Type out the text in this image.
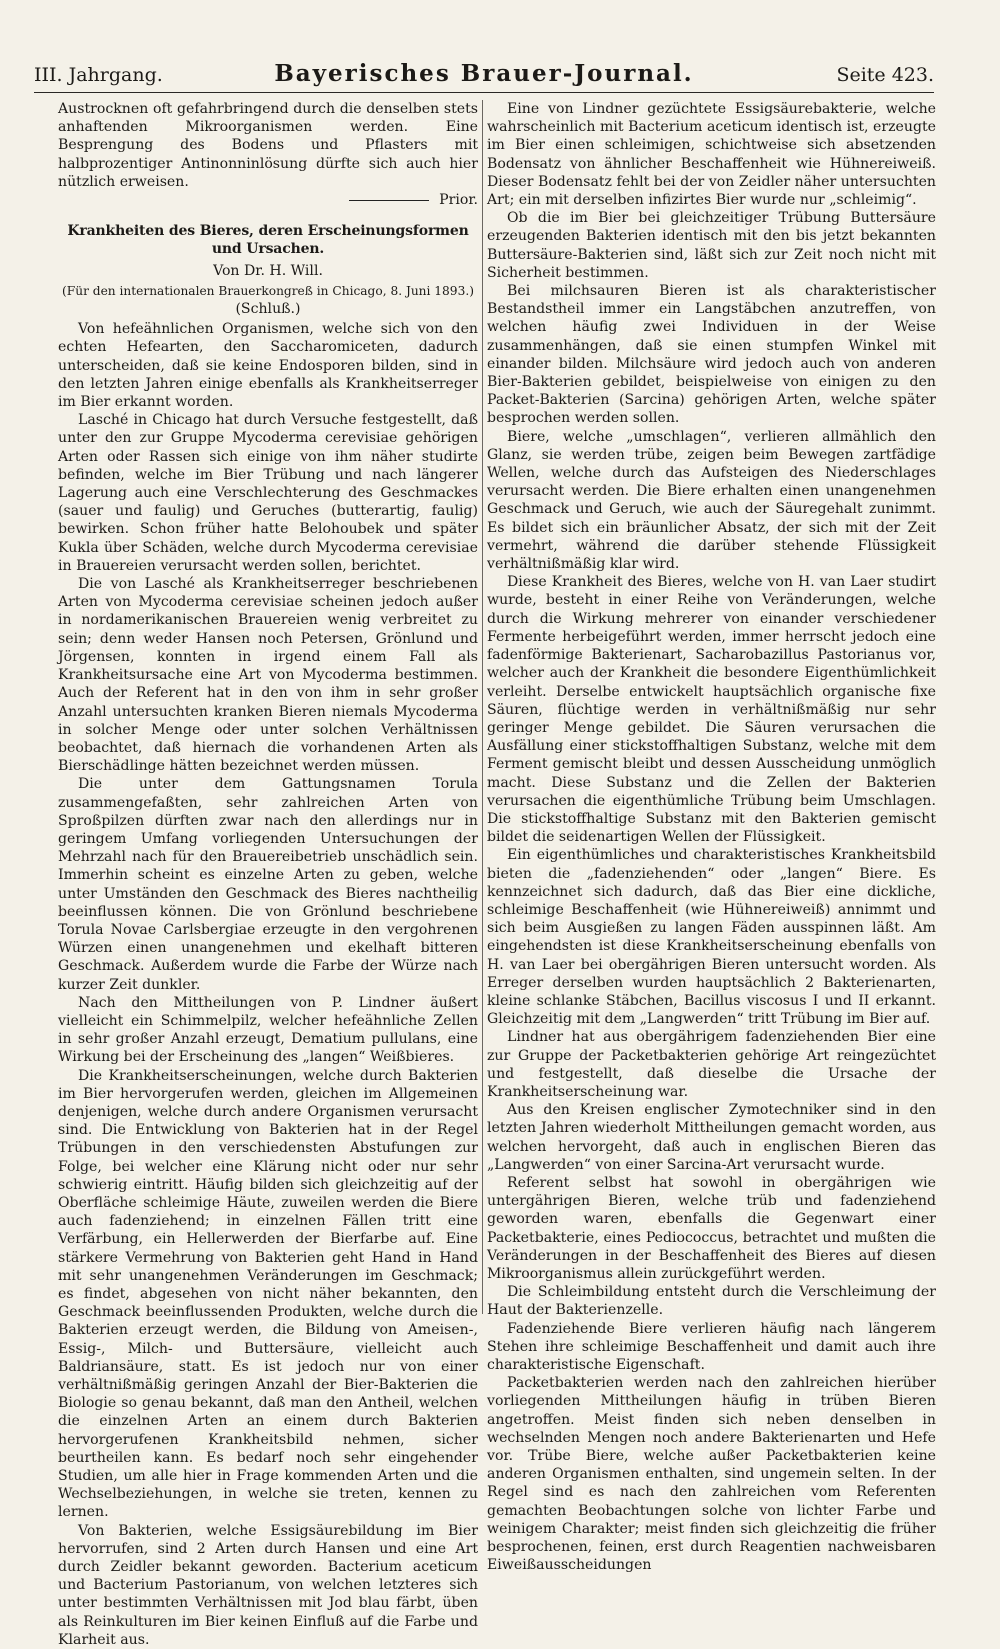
III. Jahrgang.	Bayerisches Brauer-Journal.	Seite 423.

Austrocknen oft gefahrbringend durch die denselben stets anhaftenden Mikroorganismen werden. Eine Besprengung des Bodens und Pflasters mit halbprozentiger Antinonninlösung dürfte sich auch hier nützlich erweisen.

Prior.

Krankheiten des Bieres, deren Erscheinungsformen und Ursachen.

Von Dr. H. Will.

(Für den internationalen Brauerkongreß in Chicago, 8. Juni 1893.)

(Schluß.)

Von hefeähnlichen Organismen, welche sich von den echten Hefearten, den Saccharomiceten, dadurch unterscheiden, daß sie keine Endosporen bilden, sind in den letzten Jahren einige ebenfalls als Krankheitserreger im Bier erkannt worden.

Lasché in Chicago hat durch Versuche festgestellt, daß unter den zur Gruppe Mycoderma cerevisiae gehörigen Arten oder Rassen sich einige von ihm näher studirte befinden, welche im Bier Trübung und nach längerer Lagerung auch eine Verschlechterung des Geschmackes (sauer und faulig) und Geruches (butterartig, faulig) bewirken. Schon früher hatte Belohoubek und später Kukla über Schäden, welche durch Mycoderma cerevisiae in Brauereien verursacht werden sollen, berichtet.

Die von Lasché als Krankheitserreger beschriebenen Arten von Mycoderma cerevisiae scheinen jedoch außer in nordamerikanischen Brauereien wenig verbreitet zu sein; denn weder Hansen noch Petersen, Grönlund und Jörgensen, konnten in irgend einem Fall als Krankheitsursache eine Art von Mycoderma bestimmen. Auch der Referent hat in den von ihm in sehr großer Anzahl untersuchten kranken Bieren niemals Mycoderma in solcher Menge oder unter solchen Verhältnissen beobachtet, daß hiernach die vorhandenen Arten als Bierschädlinge hätten bezeichnet werden müssen.

Die unter dem Gattungsnamen Torula zusammengefaßten, sehr zahlreichen Arten von Sproßpilzen dürften zwar nach den allerdings nur in geringem Umfang vorliegenden Untersuchungen der Mehrzahl nach für den Brauereibetrieb unschädlich sein. Immerhin scheint es einzelne Arten zu geben, welche unter Umständen den Geschmack des Bieres nachtheilig beeinflussen können. Die von Grönlund beschriebene Torula Novae Carlsbergiae erzeugte in den vergohrenen Würzen einen unangenehmen und ekelhaft bitteren Geschmack. Außerdem wurde die Farbe der Würze nach kurzer Zeit dunkler.

Nach den Mittheilungen von P. Lindner äußert vielleicht ein Schimmelpilz, welcher hefeähnliche Zellen in sehr großer Anzahl erzeugt, Dematium pullulans, eine Wirkung bei der Erscheinung des „langen“ Weißbieres.

Die Krankheitserscheinungen, welche durch Bakterien im Bier hervorgerufen werden, gleichen im Allgemeinen denjenigen, welche durch andere Organismen verursacht sind. Die Entwicklung von Bakterien hat in der Regel Trübungen in den verschiedensten Abstufungen zur Folge, bei welcher eine Klärung nicht oder nur sehr schwierig eintritt. Häufig bilden sich gleichzeitig auf der Oberfläche schleimige Häute, zuweilen werden die Biere auch fadenziehend; in einzelnen Fällen tritt eine Verfärbung, ein Hellerwerden der Bierfarbe auf. Eine stärkere Vermehrung von Bakterien geht Hand in Hand mit sehr unangenehmen Veränderungen im Geschmack; es findet, abgesehen von nicht näher bekannten, den Geschmack beeinflussenden Produkten, welche durch die Bakterien erzeugt werden, die Bildung von Ameisen-, Essig-, Milch- und Buttersäure, vielleicht auch Baldriansäure, statt. Es ist jedoch nur von einer verhältnißmäßig geringen Anzahl der Bier-Bakterien die Biologie so genau bekannt, daß man den Antheil, welchen die einzelnen Arten an einem durch Bakterien hervorgerufenen Krankheitsbild nehmen, sicher beurtheilen kann. Es bedarf noch sehr eingehender Studien, um alle hier in Frage kommenden Arten und die Wechselbeziehungen, in welche sie treten, kennen zu lernen.

Von Bakterien, welche Essigsäurebildung im Bier hervorrufen, sind 2 Arten durch Hansen und eine Art durch Zeidler bekannt geworden. Bacterium aceticum und Bacterium Pastorianum, von welchen letzteres sich unter bestimmten Verhältnissen mit Jod blau färbt, üben als Reinkulturen im Bier keinen Einfluß auf die Farbe und Klarheit aus.

Eine von Lindner gezüchtete Essigsäurebakterie, welche wahrscheinlich mit Bacterium aceticum identisch ist, erzeugte im Bier einen schleimigen, schichtweise sich absetzenden Bodensatz von ähnlicher Beschaffenheit wie Hühnereiweiß. Dieser Bodensatz fehlt bei der von Zeidler näher untersuchten Art; ein mit derselben infizirtes Bier wurde nur „schleimig“.

Ob die im Bier bei gleichzeitiger Trübung Buttersäure erzeugenden Bakterien identisch mit den bis jetzt bekannten Buttersäure-Bakterien sind, läßt sich zur Zeit noch nicht mit Sicherheit bestimmen.

Bei milchsauren Bieren ist als charakteristischer Bestandstheil immer ein Langstäbchen anzutreffen, von welchen häufig zwei Individuen in der Weise zusammenhängen, daß sie einen stumpfen Winkel mit einander bilden. Milchsäure wird jedoch auch von anderen Bier-Bakterien gebildet, beispielweise von einigen zu den Packet-Bakterien (Sarcina) gehörigen Arten, welche später besprochen werden sollen.

Biere, welche „umschlagen“, verlieren allmählich den Glanz, sie werden trübe, zeigen beim Bewegen zartfädige Wellen, welche durch das Aufsteigen des Niederschlages verursacht werden. Die Biere erhalten einen unangenehmen Geschmack und Geruch, wie auch der Säuregehalt zunimmt. Es bildet sich ein bräunlicher Absatz, der sich mit der Zeit vermehrt, während die darüber stehende Flüssigkeit verhältnißmäßig klar wird.

Diese Krankheit des Bieres, welche von H. van Laer studirt wurde, besteht in einer Reihe von Veränderungen, welche durch die Wirkung mehrerer von einander verschiedener Fermente herbeigeführt werden, immer herrscht jedoch eine fadenförmige Bakterienart, Sacharobazillus Pastorianus vor, welcher auch der Krankheit die besondere Eigenthümlichkeit verleiht. Derselbe entwickelt hauptsächlich organische fixe Säuren, flüchtige werden in verhältnißmäßig nur sehr geringer Menge gebildet. Die Säuren verursachen die Ausfällung einer stickstoffhaltigen Substanz, welche mit dem Ferment gemischt bleibt und dessen Ausscheidung unmöglich macht. Diese Substanz und die Zellen der Bakterien verursachen die eigenthümliche Trübung beim Umschlagen. Die stickstoffhaltige Substanz mit den Bakterien gemischt bildet die seidenartigen Wellen der Flüssigkeit.

Ein eigenthümliches und charakteristisches Krankheitsbild bieten die „fadenziehenden“ oder „langen“ Biere. Es kennzeichnet sich dadurch, daß das Bier eine dickliche, schleimige Beschaffenheit (wie Hühnereiweiß) annimmt und sich beim Ausgießen zu langen Fäden ausspinnen läßt. Am eingehendsten ist diese Krankheitserscheinung ebenfalls von H. van Laer bei obergährigen Bieren untersucht worden. Als Erreger derselben wurden hauptsächlich 2 Bakterienarten, kleine schlanke Stäbchen, Bacillus viscosus I und II erkannt. Gleichzeitig mit dem „Langwerden“ tritt Trübung im Bier auf.

Lindner hat aus obergährigem fadenziehenden Bier eine zur Gruppe der Packetbakterien gehörige Art reingezüchtet und festgestellt, daß dieselbe die Ursache der Krankheitserscheinung war.

Aus den Kreisen englischer Zymotechniker sind in den letzten Jahren wiederholt Mittheilungen gemacht worden, aus welchen hervorgeht, daß auch in englischen Bieren das „Langwerden“ von einer Sarcina-Art verursacht wurde.

Referent selbst hat sowohl in obergährigen wie untergährigen Bieren, welche trüb und fadenziehend geworden waren, ebenfalls die Gegenwart einer Packetbakterie, eines Pediococcus, betrachtet und mußten die Veränderungen in der Beschaffenheit des Bieres auf diesen Mikroorganismus allein zurückgeführt werden.

Die Schleimbildung entsteht durch die Verschleimung der Haut der Bakterienzelle.

Fadenziehende Biere verlieren häufig nach längerem Stehen ihre schleimige Beschaffenheit und damit auch ihre charakteristische Eigenschaft.

Packetbakterien werden nach den zahlreichen hierüber vorliegenden Mittheilungen häufig in trüben Bieren angetroffen. Meist finden sich neben denselben in wechselnden Mengen noch andere Bakterienarten und Hefe vor. Trübe Biere, welche außer Packetbakterien keine anderen Organismen enthalten, sind ungemein selten. In der Regel sind es nach den zahlreichen vom Referenten gemachten Beobachtungen solche von lichter Farbe und weinigem Charakter; meist finden sich gleichzeitig die früher besprochenen, feinen, erst durch Reagentien nachweisbaren Eiweißausscheidungen
